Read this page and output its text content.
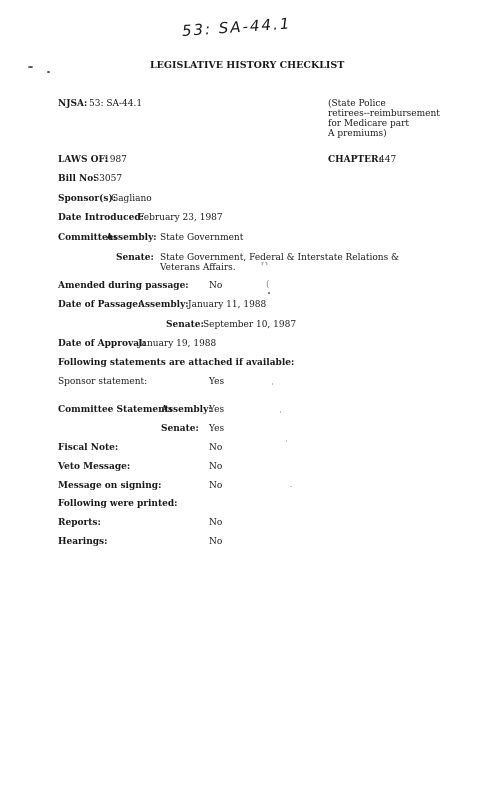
53: SA-44.1
LEGISLATIVE HISTORY CHECKLIST
NJSA: 53: SA-44.1	(State Police
retirees--reimbursement
for Medicare part
A premiums)
LAWS OF:
1987	CHAPTER:
447
Bill No:
S3057
Sponsor(s):
Gagliano
Date Introduced:
February 23, 1987
Committee:
Assembly: State Government
Senate: State Government, Federal & Interstate Relations &
Veterans Affairs.	⸢⸣
(
Amended during passage: No
Date of Passage:
Assembly: January 11, 1988
Senate: September 10, 1987
Date of Approval:
January 19, 1988
Following statements are attached if available:
Sponsor statement:	Yes
Committee Statement:
Assembly:
Yes
Senate: Yes
Fiscal Note:	No
Veto Message:	No
Message on signing:	No
Following were printed:
Reports:	No
Hearings:	No
